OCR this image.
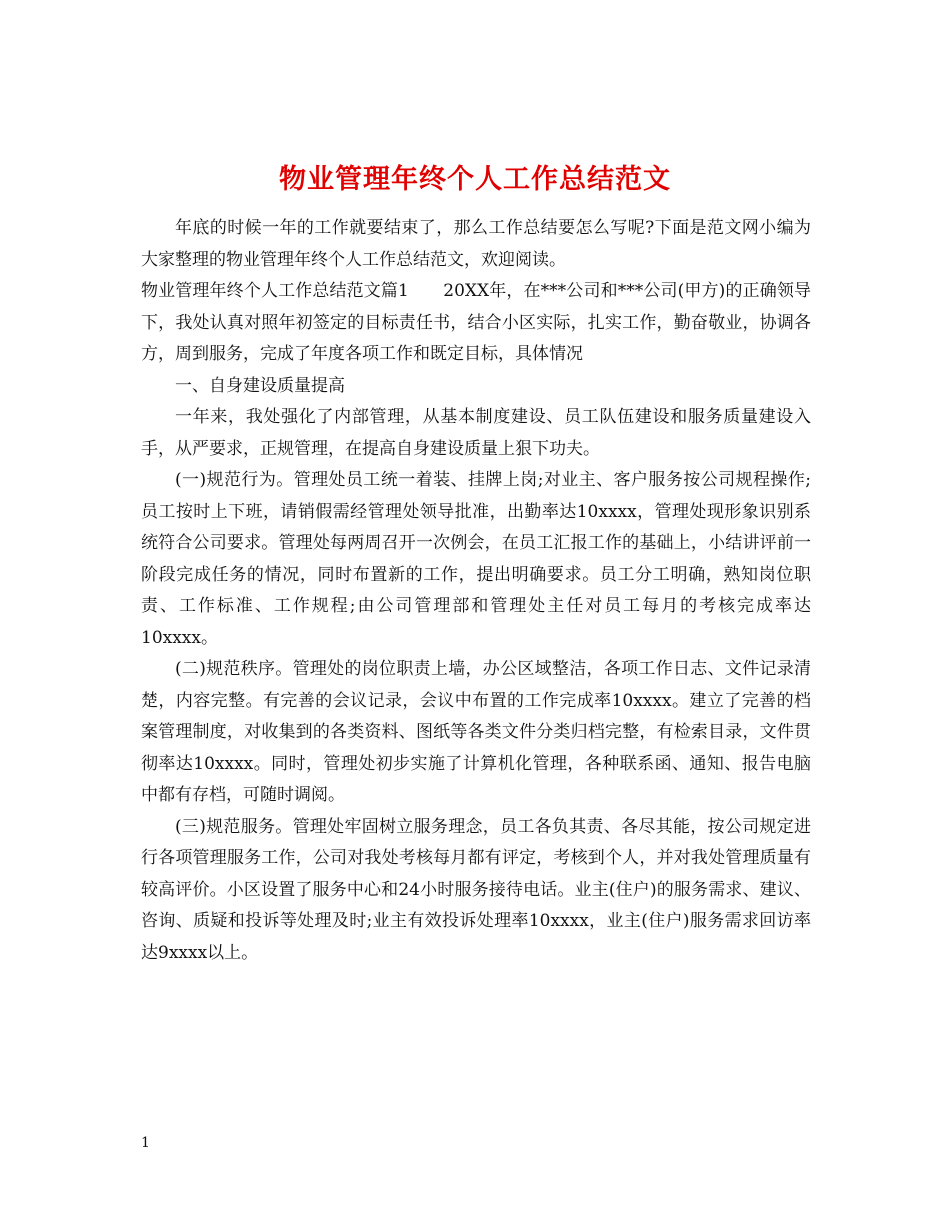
物业管理年终个人工作总结范文

年底的时候一年的工作就要结束了，那么工作总结要怎么写呢?下面是范文网小编为大家整理的物业管理年终个人工作总结范文，欢迎阅读。

物业管理年终个人工作总结范文篇1　　20XX年，在***公司和***公司(甲方)的正确领导下，我处认真对照年初签定的目标责任书，结合小区实际，扎实工作，勤奋敬业，协调各方，周到服务，完成了年度各项工作和既定目标，具体情况

一、自身建设质量提高

一年来，我处强化了内部管理，从基本制度建设、员工队伍建设和服务质量建设入手，从严要求，正规管理，在提高自身建设质量上狠下功夫。

(一)规范行为。管理处员工统一着装、挂牌上岗;对业主、客户服务按公司规程操作;员工按时上下班，请销假需经管理处领导批准，出勤率达10xxxx，管理处现形象识别系统符合公司要求。管理处每两周召开一次例会，在员工汇报工作的基础上，小结讲评前一阶段完成任务的情况，同时布置新的工作，提出明确要求。员工分工明确，熟知岗位职责、工作标准、工作规程;由公司管理部和管理处主任对员工每月的考核完成率达10xxxx。

(二)规范秩序。管理处的岗位职责上墙，办公区域整洁，各项工作日志、文件记录清楚，内容完整。有完善的会议记录，会议中布置的工作完成率10xxxx。建立了完善的档案管理制度，对收集到的各类资料、图纸等各类文件分类归档完整，有检索目录，文件贯彻率达10xxxx。同时，管理处初步实施了计算机化管理，各种联系函、通知、报告电脑中都有存档，可随时调阅。

(三)规范服务。管理处牢固树立服务理念，员工各负其责、各尽其能，按公司规定进行各项管理服务工作，公司对我处考核每月都有评定，考核到个人，并对我处管理质量有较高评价。小区设置了服务中心和24小时服务接待电话。业主(住户)的服务需求、建议、咨询、质疑和投诉等处理及时;业主有效投诉处理率10xxxx，业主(住户)服务需求回访率达9xxxx以上。

1
